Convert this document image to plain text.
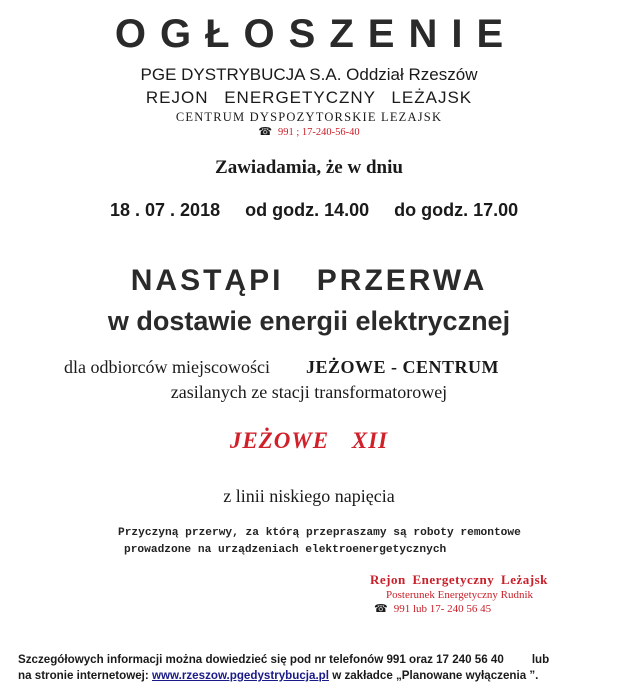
OGŁOSZENIE
PGE DYSTRYBUCJA S.A. Oddział Rzeszów
REJON ENERGETYCZNY LEŻAJSK
CENTRUM DYSPOZYTORSKIE LEZAJSK
☎ 991 ; 17-240-56-40
Zawiadamia, że w dniu
18 . 07 . 2018 od godz. 14.00 do godz. 17.00
NASTĄPI PRZERWA
w dostawie energii elektrycznej
dla odbiorców miejscowości JEŻOWE - CENTRUM
zasilanych ze stacji transformatorowej
JEŻOWE XII
z linii niskiego napięcia
Przyczyną przerwy, za którą przepraszamy są roboty remontowe
prowadzone na urządzeniach elektroenergetycznych
Rejon Energetyczny Leżajsk
Posterunek Energetyczny Rudnik
☎ 991 lub 17- 240 56 45
Szczegółowych informacji można dowiedzieć się pod nr telefonów 991 oraz 17 240 56 40 lub
na stronie internetowej: www.rzeszow.pgedystrybucja.pl w zakładce „Planowane wyłączenia ”.
